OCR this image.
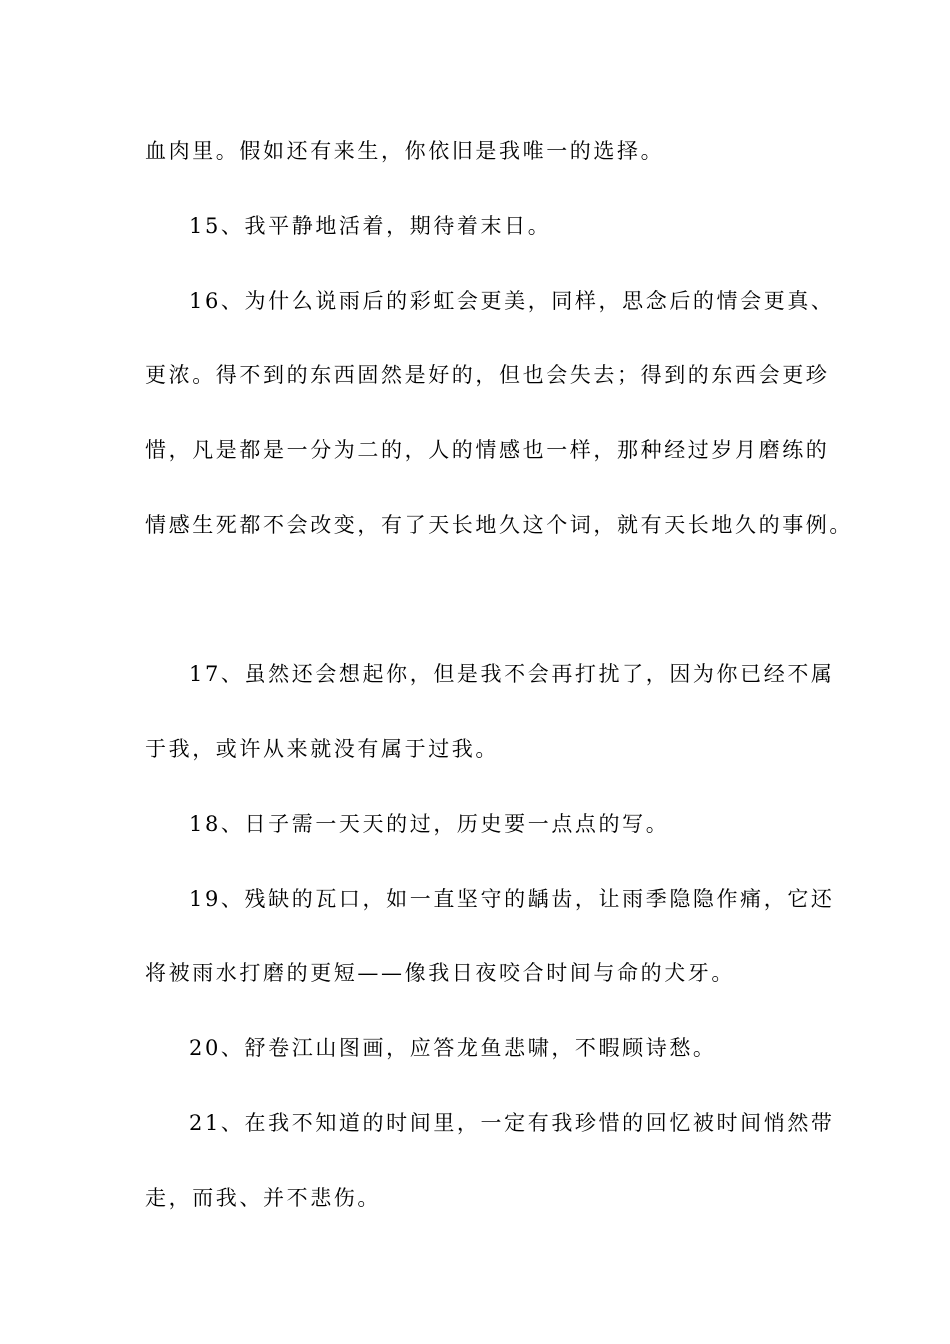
血肉里。假如还有来生，你依旧是我唯一的选择。
15、我平静地活着，期待着末日。
16、为什么说雨后的彩虹会更美，同样，思念后的情会更真、
更浓。得不到的东西固然是好的，但也会失去；得到的东西会更珍
惜，凡是都是一分为二的，人的情感也一样，那种经过岁月磨练的
情感生死都不会改变，有了天长地久这个词，就有天长地久的事例。
17、虽然还会想起你，但是我不会再打扰了，因为你已经不属
于我，或许从来就没有属于过我。
18、日子需一天天的过，历史要一点点的写。
19、残缺的瓦口，如一直坚守的龋齿，让雨季隐隐作痛，它还
将被雨水打磨的更短——像我日夜咬合时间与命的犬牙。
20、舒卷江山图画，应答龙鱼悲啸，不暇顾诗愁。
21、在我不知道的时间里，一定有我珍惜的回忆被时间悄然带
走，而我、并不悲伤。
